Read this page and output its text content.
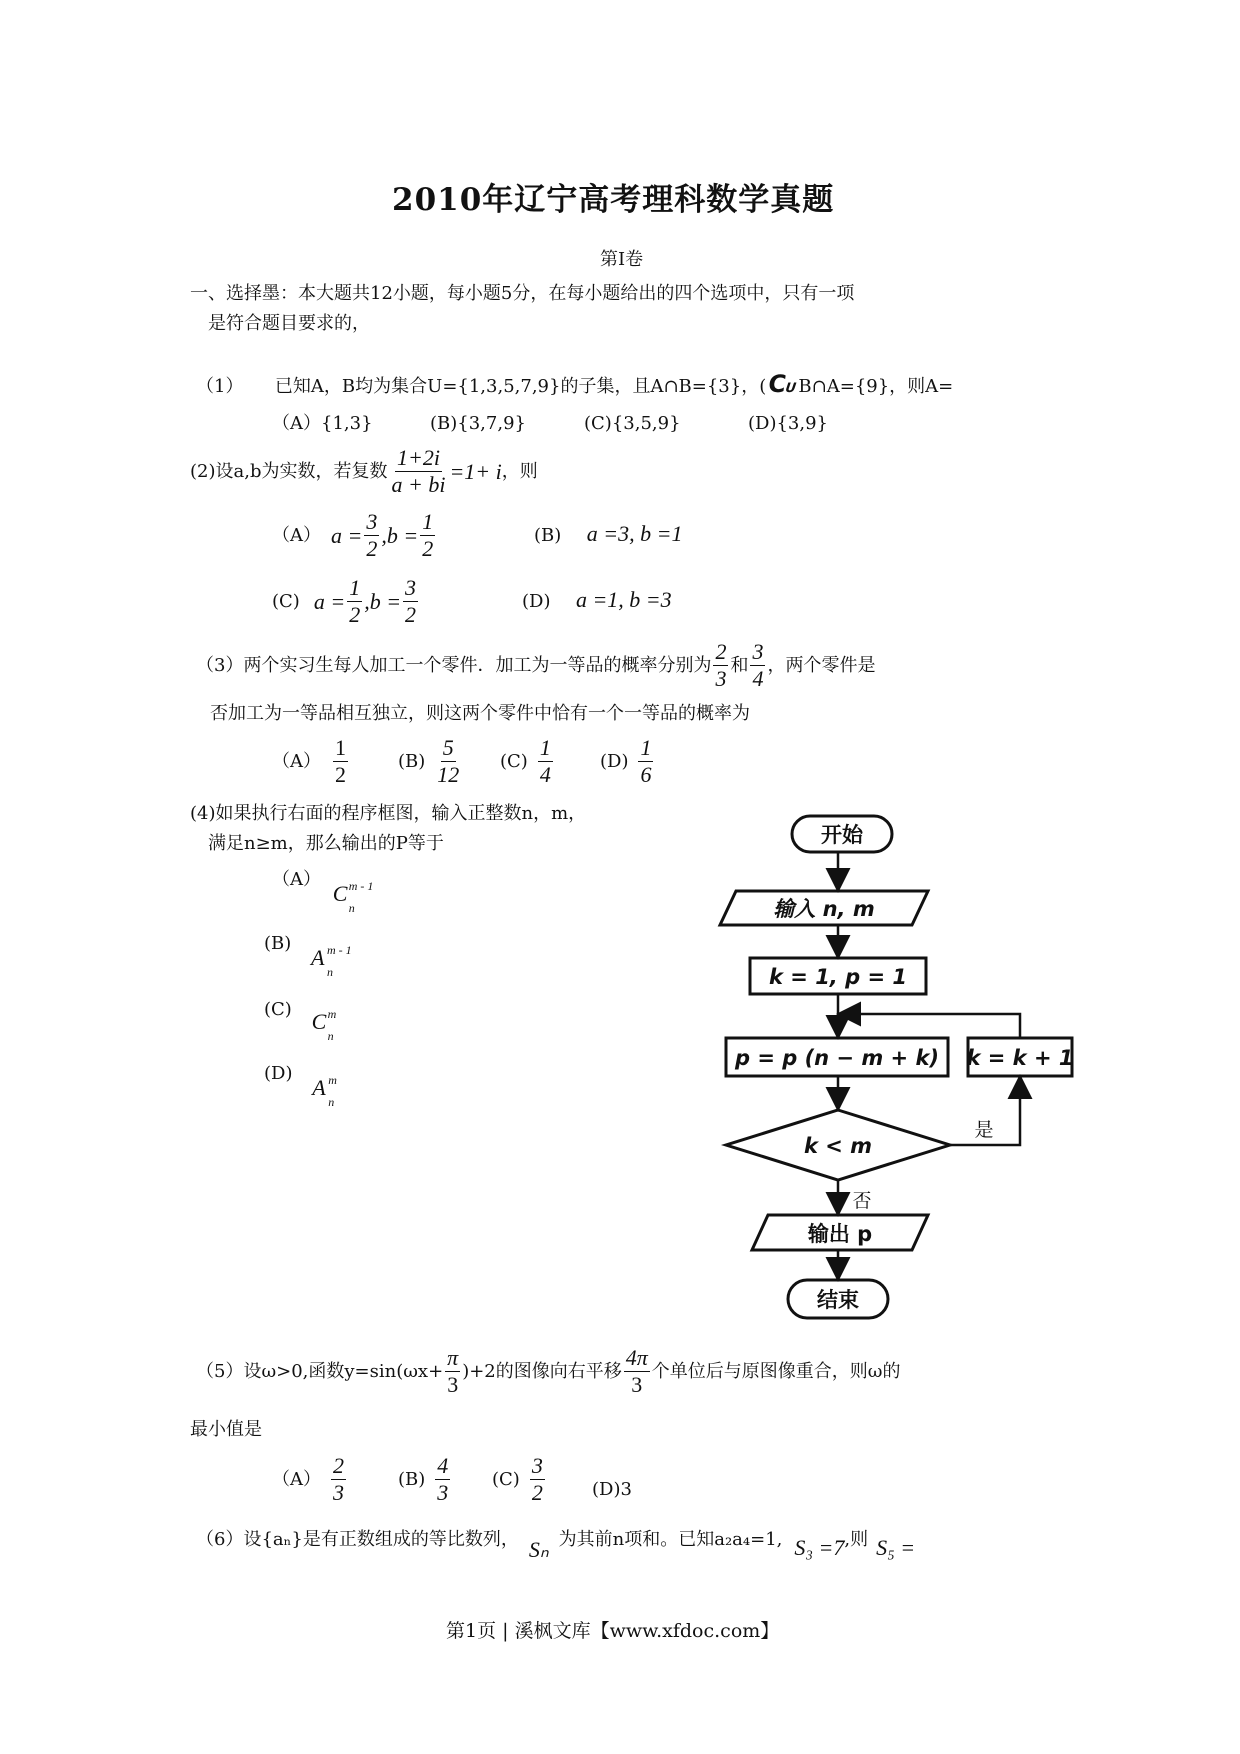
2010年辽宁高考理科数学真题
第Ⅰ卷
一、选择墨：本大题共12小题，每小题5分，在每小题给出的四个选项中，只有一项
是符合题目要求的，
（1） 已知A，B均为集合U={1,3,5,7,9}的子集，且A∩B={3}，(CUB∩A={9}，则A=
（A）{1,3}	(B){3,7,9}	(C){3,5,9}	(D){3,9}
(2)设a,b为实数，若复数 $\frac{1+2i}{a + bi} =1+ i$ ，则
（A） $a = \frac{3}{2} ,b = \frac{1}{2}$	(B) a =3, b =1
(C) $a = \frac{1}{2} ,b = \frac{3}{2}$	(D) a =1, b =3
（3）两个实习生每人加工一个零件．加工为一等品的概率分别为 $\frac{2}{3}$ 和 $\frac{3}{4}$ ，两个零件是
否加工为一等品相互独立，则这两个零件中恰有一个一等品的概率为
$(A) \frac{1}{2}$	$(B) \frac{5}{12} (C) \frac{1}{4}$	$(D) \frac{1}{6}$
(4)如果执行右面的程序框图，输入正整数n，m，
满足n≥m，那么输出的P等于
（A）
C m - 1
n
(B)
A m - 1
n
(C) C m
n
(D)
A m
n
开始
输入 n, m
k = 1, p = 1
p = p (n − m + k) k = k + 1
k < m
是
否
输出 p
结束
（5）设ω>0,函数$y=\sin(\omega x+ \frac{\pi}{3} )+2$的图像向右平移 $\frac{4\pi}{3}$ 个单位后与原图像重合，则ω的
最小值是
$(A) \frac{2}{3}$	$(B) \frac{4}{3} (C) \frac{3}{2}$	(D)3
（6）设{aₙ}是有正数组成的等比数列， Sₙ 为其前n项和。已知a₂a₄=1, S₃ =7,则 S₅ =
第1页 | 溪枫文库【www.xfdoc.com】
